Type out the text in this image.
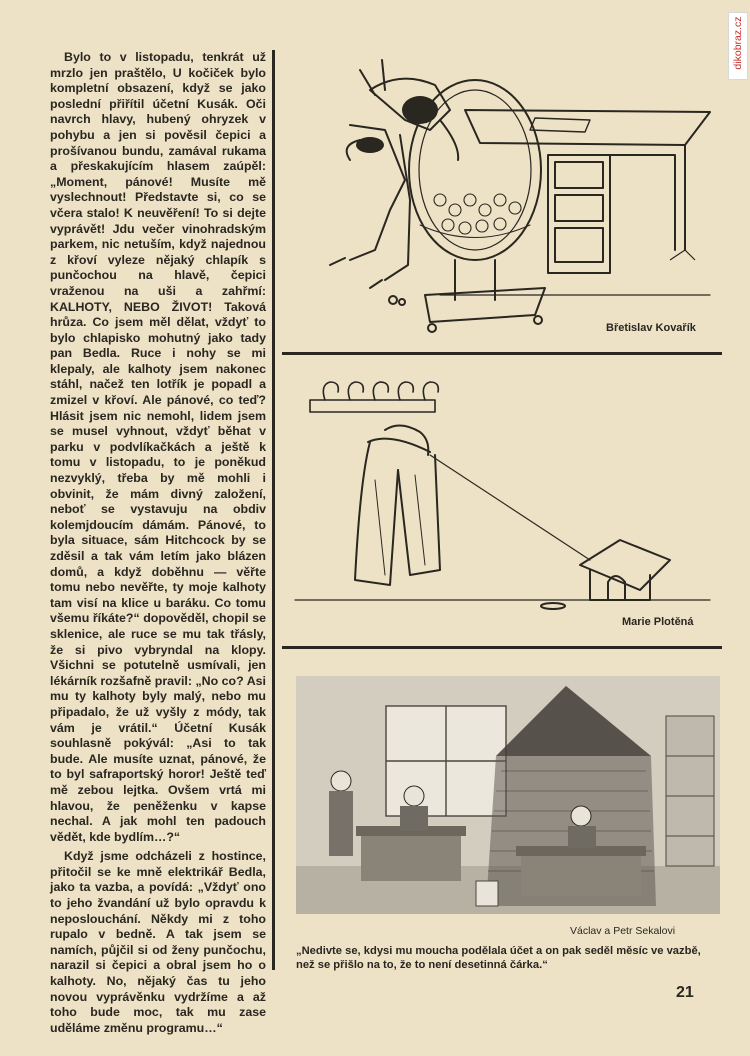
dikobraz.cz

Bylo to v listopadu, tenkrát už mrzlo jen praštělo, U kočiček bylo kompletní obsazení, když se jako poslední přiřítil účetní Kusák. Oči navrch hlavy, hubený ohryzek v pohybu a jen si pověsil čepici a prošívanou bundu, zamával rukama a přeskakujícím hlasem zaúpěl: „Moment, pánové! Musíte mě vyslechnout! Představte si, co se včera stalo! K neuvěření! To si dejte vyprávět! Jdu večer vinohradským parkem, nic netuším, když najednou z křoví vyleze nějaký chlapík s punčochou na hlavě, čepici vraženou na uši a zahřmí: KALHOTY, NEBO ŽIVOT! Taková hrůza. Co jsem měl dělat, vždyť to bylo chlapisko mohutný jako tady pan Bedla. Ruce i nohy se mi klepaly, ale kalhoty jsem nakonec stáhl, načež ten lotřík je popadl a zmizel v křoví. Ale pánové, co teď? Hlásit jsem nic nemohl, lidem jsem se musel vyhnout, vždyť běhat v parku v podvlíkačkách a ještě k tomu v listopadu, to je poněkud nezvyklý, třeba by mě mohli i obvinit, že mám divný založení, neboť se vystavuju na obdiv kolemjdoucím dámám. Pánové, to byla situace, sám Hitchcock by se zděsil a tak vám letím jako blázen domů, a když doběhnu — věřte tomu nebo nevěřte, ty moje kalhoty tam visí na klice u baráku. Co tomu všemu říkáte?“ dopověděl, chopil se sklenice, ale ruce se mu tak třásly, že si pivo vybryndal na klopy. Všichni se potutelně usmívali, jen lékárník rozšafně pravil: „No co? Asi mu ty kalhoty byly malý, nebo mu připadalo, že už vyšly z módy, tak vám je vrátil.“ Účetní Kusák souhlasně pokývál: „Asi to tak bude. Ale musíte uznat, pánové, že to byl safraportský horor! Ještě teď mě zebou lejtka. Ovšem vrtá mi hlavou, že peněženku v kapse nechal. A jak mohl ten padouch vědět, kde bydlím…?“

Když jsme odcházeli z hostince, přitočil se ke mně elektrikář Bedla, jako ta vazba, a povídá: „Vždyť ono to jeho žvandání už bylo opravdu k neposlouchání. Někdy mi z toho rupalo v bedně. A tak jsem se namích, půjčil si od ženy punčochu, narazil si čepici a obral jsem ho o kalhoty. No, nějaký čas tu jeho novou vyprávěnku vydržíme a až toho bude moc, tak mu zase uděláme změnu programu…“

Břetislav Kovařík
Marie Plotěná
Václav a Petr Sekalovi
„Nedivte se, kdysi mu moucha podělala účet a on pak seděl měsíc ve vazbě, než se přišlo na to, že to není desetinná čárka.“
21
